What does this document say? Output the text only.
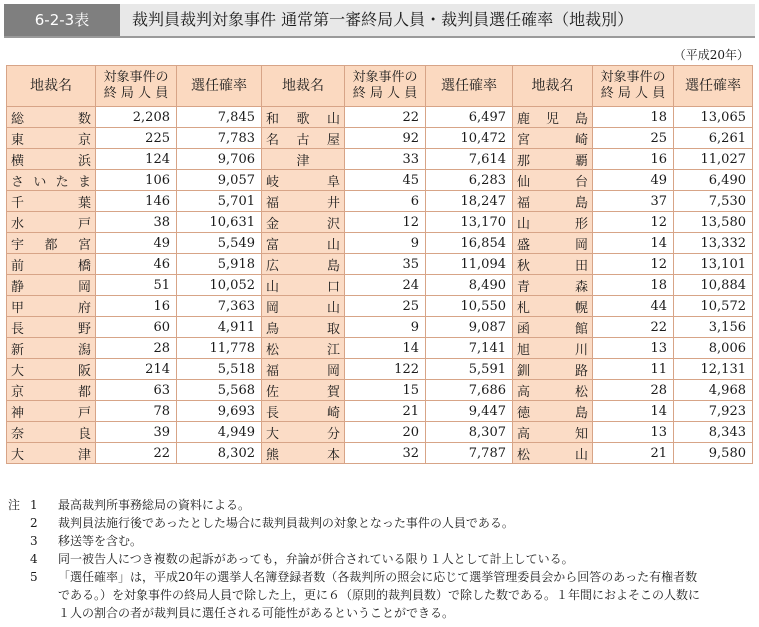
6-2-3表	裁判員裁判対象事件 通常第一審終局人員・裁判員選任確率（地裁別）
（平成20年）
地裁名	対象事件の
終 局 人 員	選任確率	地裁名	対象事件の
終 局 人 員	選任確率	地裁名	対象事件の
終 局 人 員	選任確率

総 数	2,208	7,845	和 歌 山	22	6,497	鹿 児 島	18	13,065

東 京	225	7,783	名 古 屋	92	10,472	宮 崎	25	6,261

横 浜	124	9,706	津	33	7,614	那 覇	16	11,027

さ い た ま	106	9,057	岐 阜	45	6,283	仙 台	49	6,490

千 葉	146	5,701	福 井	6	18,247	福 島	37	7,530

水 戸	38	10,631	金 沢	12	13,170	山 形	12	13,580

宇 都 宮	49	5,549	富 山	9	16,854	盛 岡	14	13,332

前 橋	46	5,918	広 島	35	11,094	秋 田	12	13,101

静 岡	51	10,052	山 口	24	8,490	青 森	18	10,884

甲 府	16	7,363	岡 山	25	10,550	札 幌	44	10,572

長 野	60	4,911	鳥 取	9	9,087	函 館	22	3,156

新 潟	28	11,778	松 江	14	7,141	旭 川	13	8,006

大 阪	214	5,518	福 岡	122	5,591	釧 路	11	12,131

京 都	63	5,568	佐 賀	15	7,686	高 松	28	4,968

神 戸	78	9,693	長 崎	21	9,447	徳 島	14	7,923

奈 良	39	4,949	大 分	20	8,307	高 知	13	8,343

大 津	22	8,302	熊 本	32	7,787	松 山	21	9,580
注 1	最高裁判所事務総局の資料による。
2	裁判員法施行後であったとした場合に裁判員裁判の対象となった事件の人員である。
3	移送等を含む。
4	同一被告人につき複数の起訴があっても，弁論が併合されている限り１人として計上している。
5	「選任確率」は，平成20年の選挙人名簿登録者数（各裁判所の照会に応じて選挙管理委員会から回答のあった有権者数
である。）を対象事件の終局人員で除した上，更に６（原則的裁判員数）で除した数である。１年間におよそこの人数に
１人の割合の者が裁判員に選任される可能性があるということができる。
